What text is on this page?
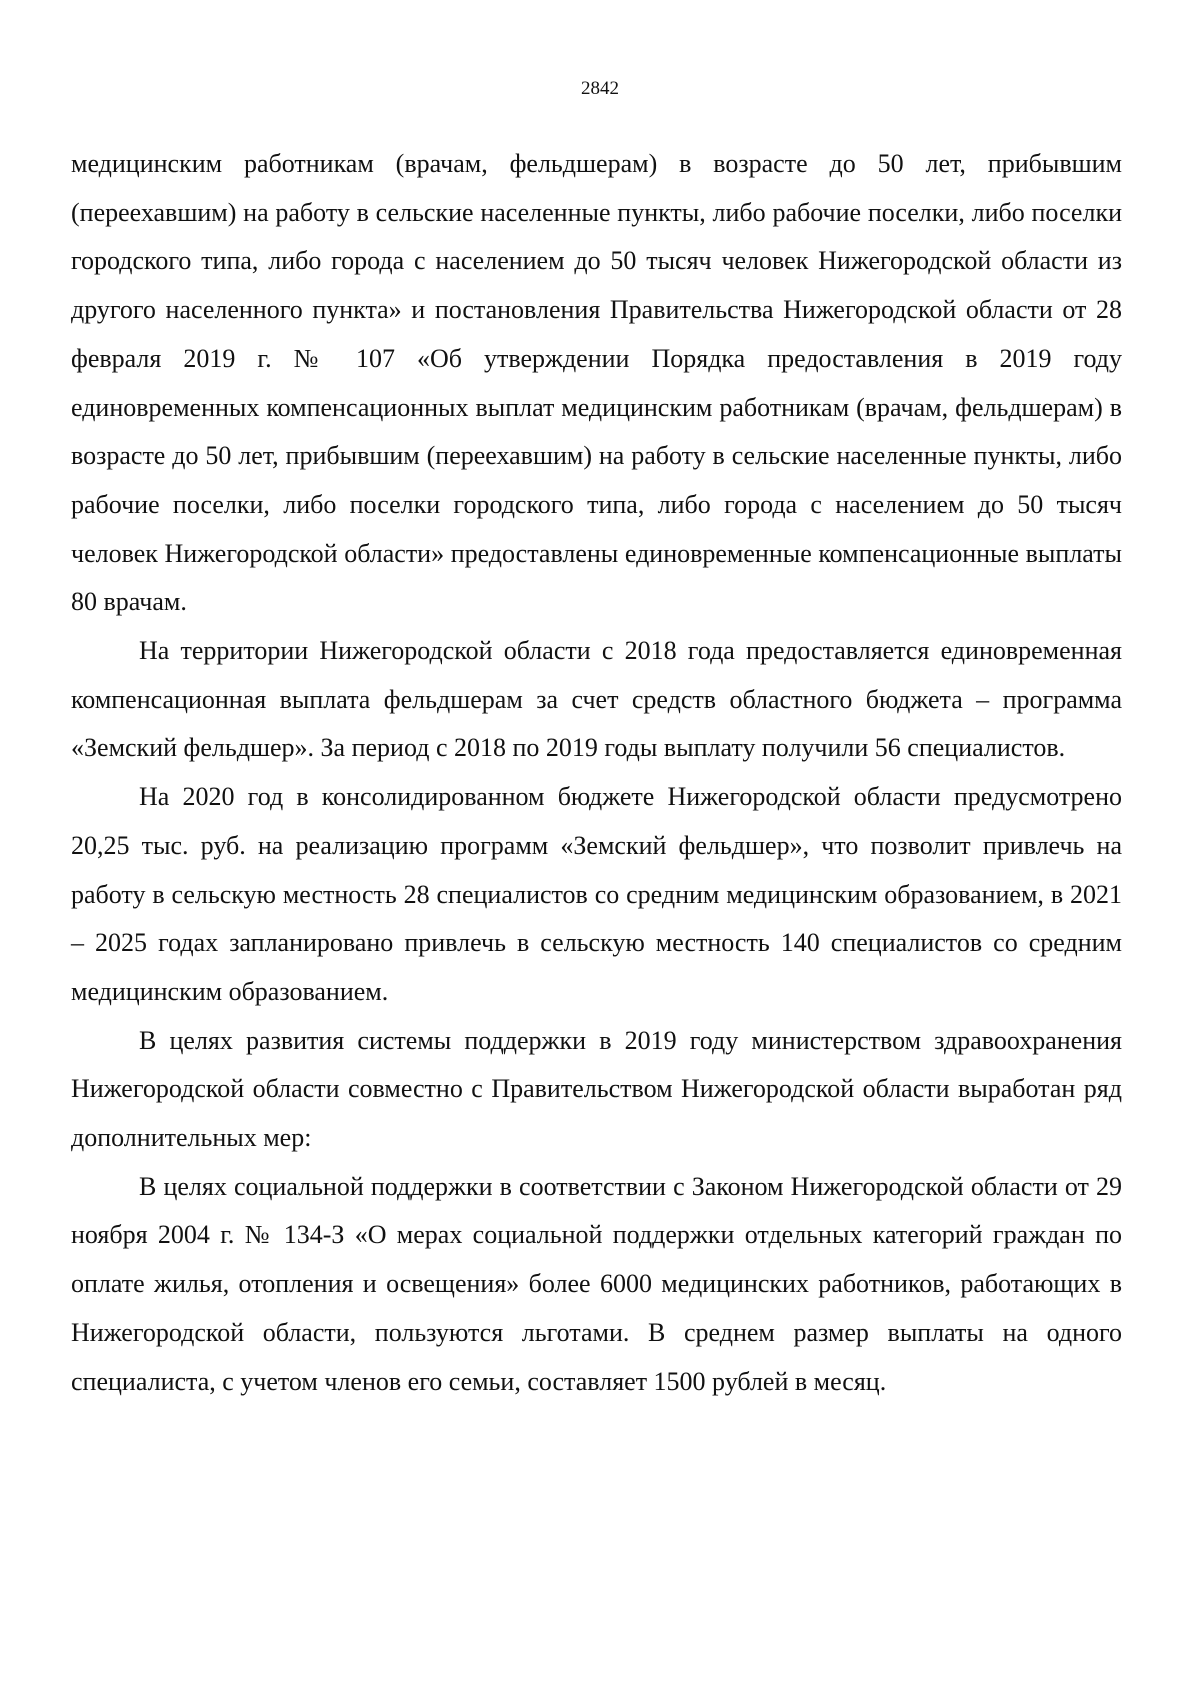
2842

медицинским работникам (врачам, фельдшерам) в возрасте до 50 лет, прибывшим (переехавшим) на работу в сельские населенные пункты, либо рабочие поселки, либо поселки городского типа, либо города с населением до 50 тысяч человек Нижегородской области из другого населенного пункта» и постановления Правительства Нижегородской области от 28 февраля 2019 г. № 107 «Об утверждении Порядка предоставления в 2019 году единовременных компенсационных выплат медицинским работникам (врачам, фельдшерам) в возрасте до 50 лет, прибывшим (переехавшим) на работу в сельские населенные пункты, либо рабочие поселки, либо поселки городского типа, либо города с населением до 50 тысяч человек Нижегородской области» предоставлены единовременные компенсационные выплаты 80 врачам.

На территории Нижегородской области с 2018 года предоставляется единовременная компенсационная выплата фельдшерам за счет средств областного бюджета – программа «Земский фельдшер». За период с 2018 по 2019 годы выплату получили 56 специалистов.

На 2020 год в консолидированном бюджете Нижегородской области предусмотрено 20,25 тыс. руб. на реализацию программ «Земский фельдшер», что позволит привлечь на работу в сельскую местность 28 специалистов со средним медицинским образованием, в 2021 – 2025 годах запланировано привлечь в сельскую местность 140 специалистов со средним медицинским образованием.

В целях развития системы поддержки в 2019 году министерством здравоохранения Нижегородской области совместно с Правительством Нижегородской области выработан ряд дополнительных мер:

В целях социальной поддержки в соответствии с Законом Нижегородской области от 29 ноября 2004 г. № 134-З «О мерах социальной поддержки отдельных категорий граждан по оплате жилья, отопления и освещения» более 6000 медицинских работников, работающих в Нижегородской области, пользуются льготами. В среднем размер выплаты на одного специалиста, с учетом членов его семьи, составляет 1500 рублей в месяц.
